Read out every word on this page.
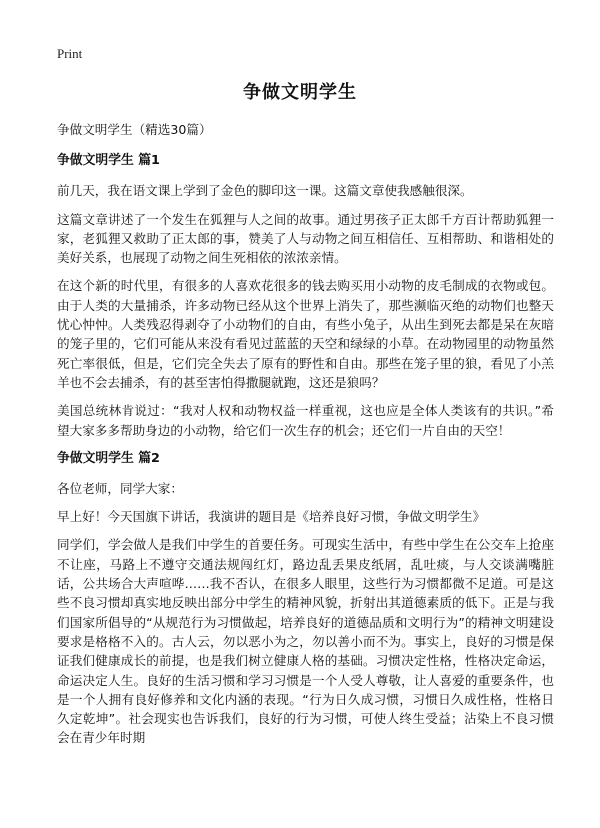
Print
争做文明学生

争做文明学生（精选30篇）

争做文明学生 篇1

前几天，我在语文课上学到了金色的脚印这一课。这篇文章使我感触很深。

这篇文章讲述了一个发生在狐狸与人之间的故事。通过男孩子正太郎千方百计帮助狐狸一家，老狐狸又救助了正太郎的事，赞美了人与动物之间互相信任、互相帮助、和谐相处的美好关系，也展现了动物之间生死相依的浓浓亲情。

在这个新的时代里，有很多的人喜欢花很多的钱去购买用小动物的皮毛制成的衣物或包。由于人类的大量捕杀，许多动物已经从这个世界上消失了，那些濒临灭绝的动物们也整天忧心忡忡。人类残忍得剥夺了小动物们的自由，有些小兔子，从出生到死去都是呆在灰暗的笼子里的，它们可能从来没有看见过蓝蓝的天空和绿绿的小草。在动物园里的动物虽然死亡率很低，但是，它们完全失去了原有的野性和自由。那些在笼子里的狼，看见了小羔羊也不会去捕杀，有的甚至害怕得撒腿就跑，这还是狼吗？

美国总统林肯说过：“我对人权和动物权益一样重视，这也应是全体人类该有的共识。”希望大家多多帮助身边的小动物，给它们一次生存的机会；还它们一片自由的天空！

争做文明学生 篇2

各位老师，同学大家：

早上好！今天国旗下讲话，我演讲的题目是《培养良好习惯，争做文明学生》

同学们，学会做人是我们中学生的首要任务。可现实生活中，有些中学生在公交车上抢座不让座，马路上不遵守交通法规闯红灯，路边乱丢果皮纸屑，乱吐痰，与人交谈满嘴脏话，公共场合大声喧哗……我不否认，在很多人眼里，这些行为习惯都微不足道。可是这些不良习惯却真实地反映出部分中学生的精神风貌，折射出其道德素质的低下。正是与我们国家所倡导的“从规范行为习惯做起，培养良好的道德品质和文明行为”的精神文明建设要求是格格不入的。古人云，勿以恶小为之，勿以善小而不为。事实上，良好的习惯是保证我们健康成长的前提，也是我们树立健康人格的基础。习惯决定性格，性格决定命运，命运决定人生。良好的生活习惯和学习习惯是一个人受人尊敬，让人喜爱的重要条件，也是一个人拥有良好修养和文化内涵的表现。“行为日久成习惯，习惯日久成性格，性格日久定乾坤”。社会现实也告诉我们，良好的行为习惯，可使人终生受益；沾染上不良习惯会在青少年时期
